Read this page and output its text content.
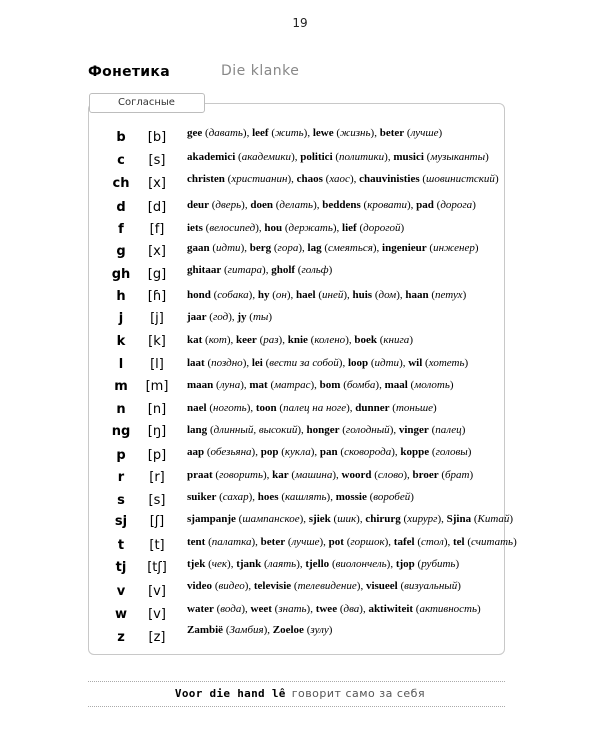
19
Фонетика	Die klanke
Согласные
b	[b]	gee (давать), leef (жить), lewe (жизнь), beter (лучше)
c	[s]	akademici (академики), politici (политики), musici (музыканты)
ch	[x]	christen (христианин), chaos (хаос), chauvinisties (шовинистский)
d	[d]	deur (дверь), doen (делать), beddens (кровати), pad (дорога)
f	[f]	iets (велосипед), hou (держать), lief (дорогой)
g	[x]	gaan (идти), berg (гора), lag (смеяться), ingenieur (инженер)
gh	[g]	ghitaar (гитара), gholf (гольф)
h	[ɦ]	hond (собака), hy (он), hael (иней), huis (дом), haan (петух)
j	[j]	jaar (год), jy (ты)
k	[k]	kat (кот), keer (раз), knie (колено), boek (книга)
l	[l]	laat (поздно), lei (вести за собой), loop (идти), wil (хотеть)
m	[m]	maan (луна), mat (матрас), bom (бомба), maal (молоть)
n	[n]	nael (ноготь), toon (палец на ноге), dunner (тоньше)
ng	[ŋ]	lang (длинный, высокий), honger (голодный), vinger (палец)
p	[p]	aap (обезьяна), pop (кукла), pan (сковорода), koppe (головы)
r	[r]	praat (говорить), kar (машина), woord (слово), broer (брат)
s	[s]	suiker (сахар), hoes (кашлять), mossie (воробей)
sj	[ʃ]	sjampanje (шампанское), sjiek (шик), chirurg (хирург), Sjina (Китай)
t	[t]	tent (палатка), beter (лучше), pot (горшок), tafel (стол), tel (считать)
tj	[tʃ]	tjek (чек), tjank (лаять), tjello (виолончель), tjop (рубить)
v	[v]	video (видео), televisie (телевидение), visueel (визуальный)
w	[v]	water (вода), weet (знать), twee (два), aktiwiteit (активность)
z	[z]	Zambië (Замбия), Zoeloe (зулу)
Voor die hand lê говорит само за себя
